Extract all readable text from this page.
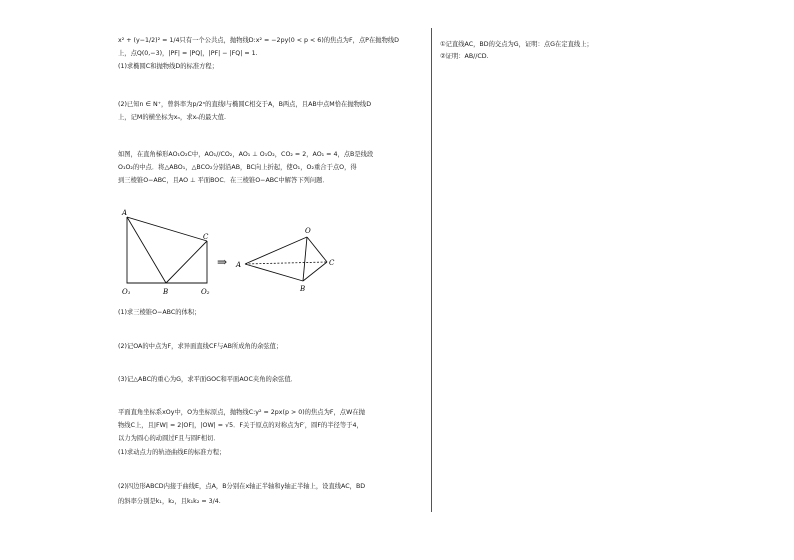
x² + (y−1/2)² = 1/4只有一个公共点，抛物线D:x² = −2py(0 < p < 6)的焦点为F，点P在抛物线D
上，点Q(0,−3)，|PF| = |PQ|，|PF| − |FQ| = 1.
(1)求椭圆C和抛物线D的标准方程；
(2)已知n ∈ N⁺，曾斜率为p/2ⁿ的直线l与椭圆C相交于A，B两点，且AB中点M恰在抛物线D
上，记M的横坐标为xₙ，求xₙ的最大值.
如图，在直角梯形AO₁O₂C中，AO₁//CO₂，AO₁ ⊥ O₁O₂，CO₂ = 2，AO₁ = 4，点B是线段
O₁O₂的中点．将△ABO₁，△BCO₂分别沿AB，BC向上折起，使O₁，O₂重合于点O，得
到三棱锥O−ABC，且AO ⊥ 平面BOC．在三棱锥O−ABC中解答下列问题．
A
C
O₁	B	O₂
⇒ A
O
C
B
(1)求三棱锥O−ABC的体积；
(2)记OA的中点为F，求异面直线CF与AB所成角的余弦值；
(3)记△ABC的重心为G，求平面GOC和平面AOC夹角的余弦值．
平面直角坐标系xOy中，O为坐标原点，抛物线C:y² = 2px(p > 0)的焦点为F，点W在抛
物线C上，且|FW| = 2|OF|，|OW| = √5．F关于原点的对称点为F′，圆F的半径等于4，
以力为圆心的动圆过F且与圆F相切．
(1)求动点力的轨迹曲线E的标准方程；
(2)四边形ABCD内接于曲线E，点A，B分别在x轴正半轴和y轴正半轴上，设直线AC，BD
的斜率分别是k₁，k₂，且k₁k₂ = 3/4.
①记直线AC，BD的交点为G，证明：点G在定直线上；
②证明：AB//CD.
